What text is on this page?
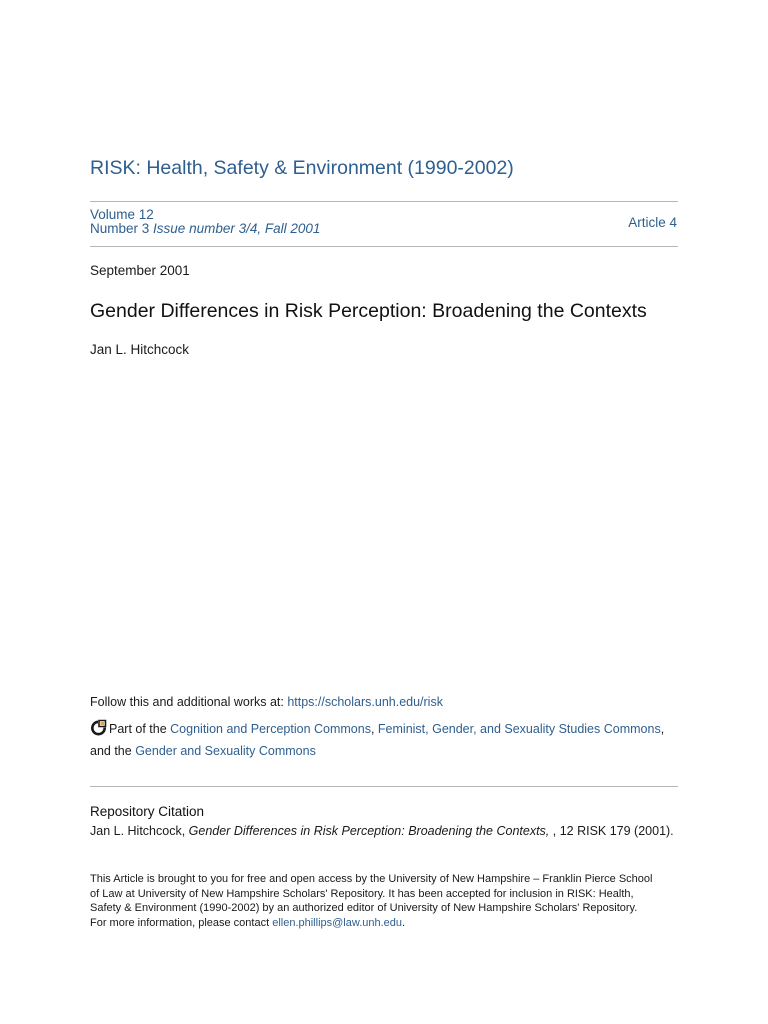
RISK: Health, Safety & Environment (1990-2002)
Volume 12
Number 3 Issue number 3/4, Fall 2001	Article 4
September 2001
Gender Differences in Risk Perception: Broadening the Contexts
Jan L. Hitchcock
Follow this and additional works at: https://scholars.unh.edu/risk
Part of the Cognition and Perception Commons, Feminist, Gender, and Sexuality Studies Commons,
and the Gender and Sexuality Commons
Repository Citation
Jan L. Hitchcock, Gender Differences in Risk Perception: Broadening the Contexts, , 12 RISK 179 (2001).
This Article is brought to you for free and open access by the University of New Hampshire – Franklin Pierce School
of Law at University of New Hampshire Scholars' Repository. It has been accepted for inclusion in RISK: Health,
Safety & Environment (1990-2002) by an authorized editor of University of New Hampshire Scholars' Repository.
For more information, please contact ellen.phillips@law.unh.edu.
